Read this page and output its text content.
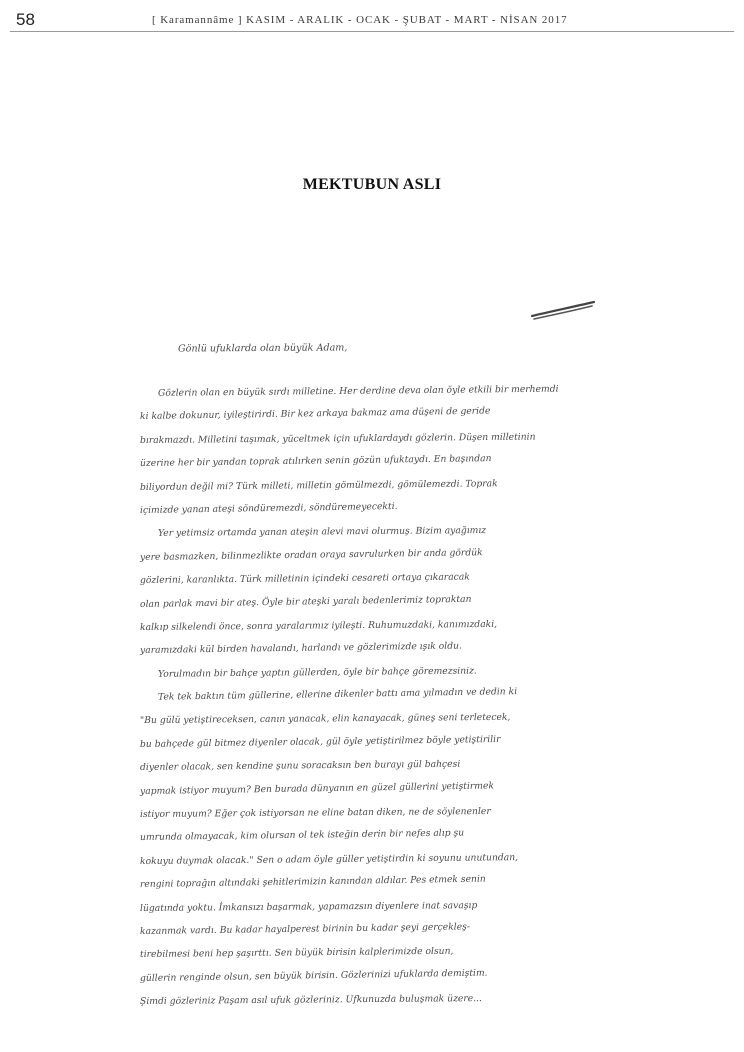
58	[ Karamannâme ] KASIM - ARALIK - OCAK - ŞUBAT - MART - NİSAN 2017
MEKTUBUN ASLI
Gönlü ufuklarda olan büyük Adam,
Gözlerin olan en büyük sırdı milletine. Her derdine deva olan öyle etkili bir merhemdi
ki kalbe dokunur, iyileştirirdi. Bir kez arkaya bakmaz ama düşeni de geride
bırakmazdı. Milletini taşımak, yüceltmek için ufuklardaydı gözlerin. Düşen milletinin
üzerine her bir yandan toprak atılırken senin gözün ufuktaydı. En başından
biliyordun değil mi? Türk milleti, milletin gömülmezdi, gömülemezdi. Toprak
içimizde yanan ateşi söndüremezdi, söndüremeyecekti.
Yer yetimsiz ortamda yanan ateşin alevi mavi olurmuş. Bizim ayağımız
yere basmazken, bilinmezlikte oradan oraya savrulurken bir anda gördük
gözlerini, karanlıkta. Türk milletinin içindeki cesareti ortaya çıkaracak
olan parlak mavi bir ateş. Öyle bir ateşki yaralı bedenlerimiz topraktan
kalkıp silkelendi önce, sonra yaralarımız iyileşti. Ruhumuzdaki, kanımızdaki,
yaramızdaki kül birden havalandı, harlandı ve gözlerimizde ışık oldu.
Yorulmadın bir bahçe yaptın güllerden, öyle bir bahçe göremezsiniz.
Tek tek baktın tüm güllerine, ellerine dikenler battı ama yılmadın ve dedin ki
"Bu gülü yetiştireceksen, canın yanacak, elin kanayacak, güneş seni terletecek,
bu bahçede gül bitmez diyenler olacak, gül öyle yetiştirilmez böyle yetiştirilir
diyenler olacak, sen kendine şunu soracaksın ben burayı gül bahçesi
yapmak istiyor muyum? Ben burada dünyanın en güzel güllerini yetiştirmek
istiyor muyum? Eğer çok istiyorsan ne eline batan diken, ne de söylenenler
umrunda olmayacak, kim olursan ol tek isteğin derin bir nefes alıp şu
kokuyu duymak olacak." Sen o adam öyle güller yetiştirdin ki soyunu unutundan,
rengini toprağın altındaki şehitlerimizin kanından aldılar. Pes etmek senin
lügatında yoktu. İmkansızı başarmak, yapamazsın diyenlere inat savaşıp
kazanmak vardı. Bu kadar hayalperest birinin bu kadar şeyi gerçekleş-
tirebilmesi beni hep şaşırttı. Sen büyük birisin kalplerimizde olsun,
güllerin renginde olsun, sen büyük birisin. Gözlerinizi ufuklarda demiştim.
Şimdi gözleriniz Paşam asıl ufuk gözleriniz. Ufkunuzda buluşmak üzere...
